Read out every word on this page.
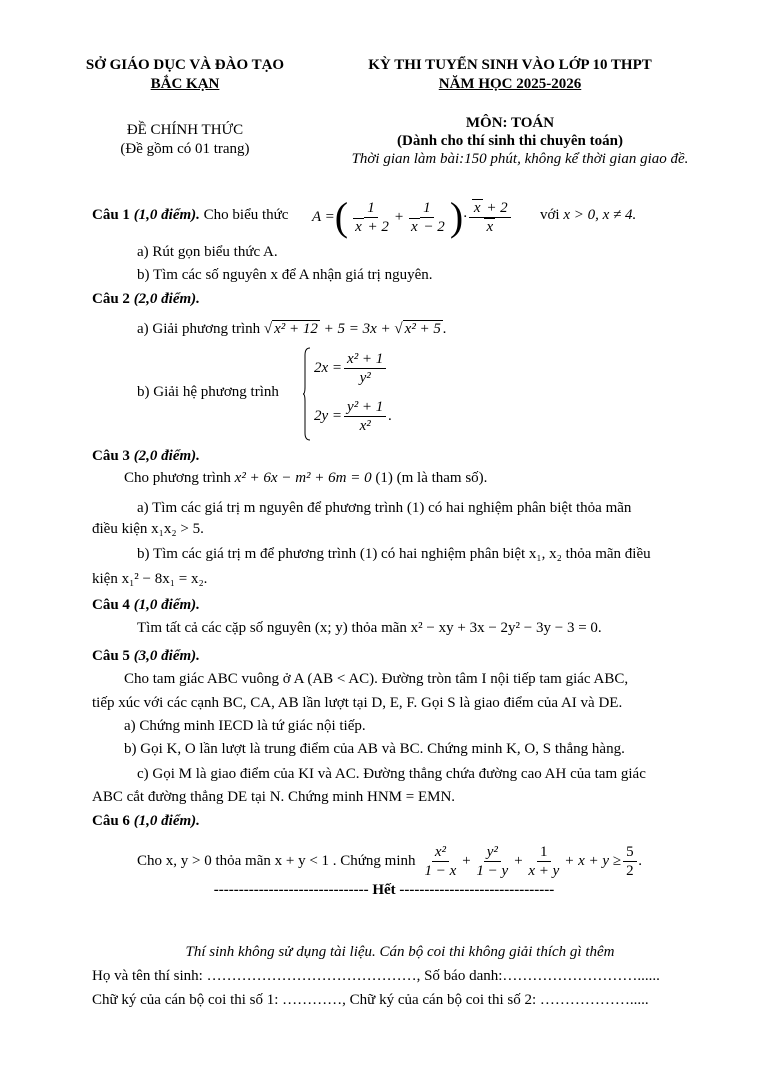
SỞ GIÁO DỤC VÀ ĐÀO TẠO
BẮC KẠN
KỲ THI TUYỂN SINH VÀO LỚP 10 THPT
NĂM HỌC 2025-2026
ĐỀ CHÍNH THỨC
(Đề gồm có 01 trang)
MÔN: TOÁN
(Dành cho thí sinh thi chuyên toán)
Thời gian làm bài:150 phút, không kể thời gian giao đề.
Câu 1 (1,0 điểm). Cho biểu thức A = ( $\frac{1}{x + 2} + \frac{1}{x - 2}$ ) · $\frac{x + 2}{x}$ với x > 0, x ≠ 4.
a) Rút gọn biểu thức A.
b) Tìm các số nguyên x để A nhận giá trị nguyên.
Câu 2 (2,0 điểm).
a) Giải phương trình √ x² + 12 + 5 = 3x + √ x² + 5 .
b) Giải hệ phương trình
$2x = \frac{\text{x² + 1}}{\text{y²}}$
$2y = \frac{\text{y² + 1}}{\text{x²}}$ .
Câu 3 (2,0 điểm).
Cho phương trình x² + 6x − m² + 6m = 0 (1) (m là tham số).
a) Tìm các giá trị m nguyên để phương trình (1) có hai nghiệm phân biệt thỏa mãn
điều kiện x₁x₂ > 5.
b) Tìm các giá trị m để phương trình (1) có hai nghiệm phân biệt x₁, x₂ thỏa mãn điều
kiện x₁² − 8x₁ = x₂.
Câu 4 (1,0 điểm).
Tìm tất cả các cặp số nguyên (x; y) thỏa mãn x² − xy + 3x − 2y² − 3y − 3 = 0.
Câu 5 (3,0 điểm).
Cho tam giác ABC vuông ở A (AB < AC). Đường tròn tâm I nội tiếp tam giác ABC,
tiếp xúc với các cạnh BC, CA, AB lần lượt tại D, E, F. Gọi S là giao điểm của AI và DE.
a) Chứng minh IECD là tứ giác nội tiếp.
b) Gọi K, O lần lượt là trung điểm của AB và BC. Chứng minh K, O, S thẳng hàng.
c) Gọi M là giao điểm của KI và AC. Đường thẳng chứa đường cao AH của tam giác
ABC cắt đường thẳng DE tại N. Chứng minh HNM = EMN.
Câu 6 (1,0 điểm).
Cho x, y > 0 thỏa mãn x + y < 1 . Chứng minh $\frac{\text{x²}}{1 - x} + \frac{\text{y²}}{1 - y} + \frac{1}{x + y} + x + y \ge \frac{5}{2}$ .
------------------------------- Hết -------------------------------
Thí sinh không sử dụng tài liệu. Cán bộ coi thi không giải thích gì thêm
Họ và tên thí sinh: ……………………………………, Số báo danh:………………………......
Chữ ký của cán bộ coi thi số 1: …………, Chữ ký của cán bộ coi thi số 2: ……………….....
